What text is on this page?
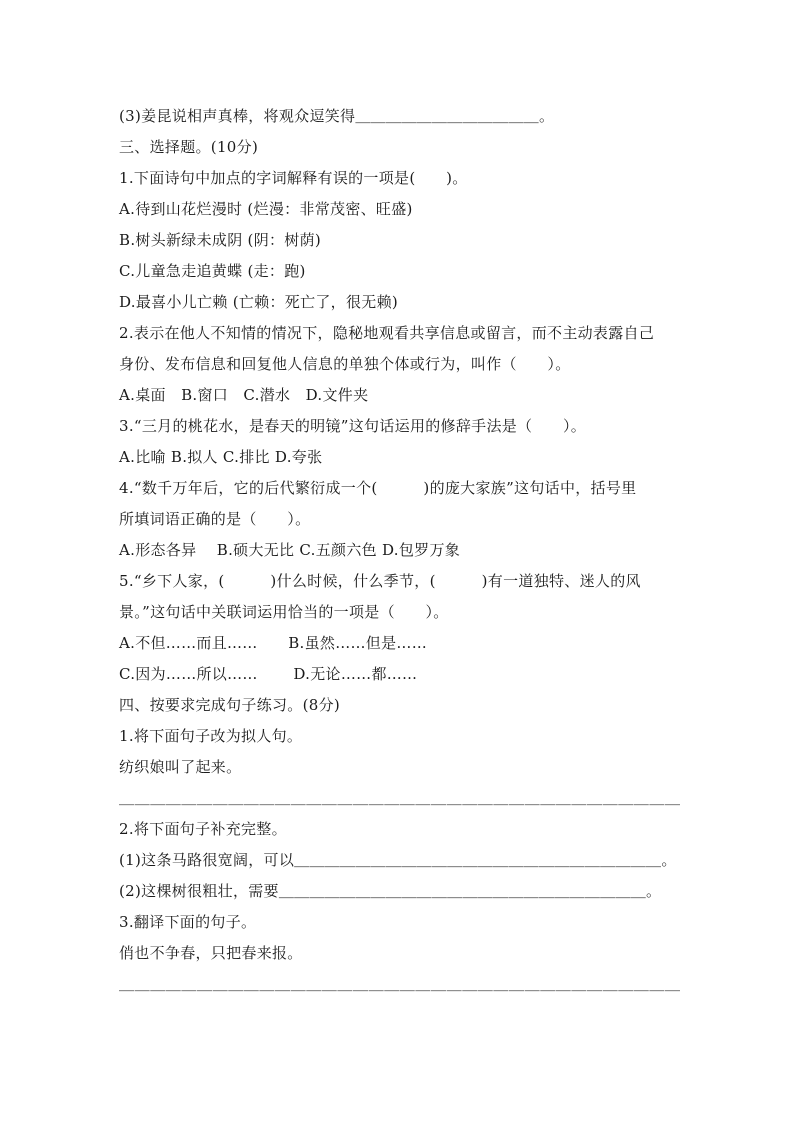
(3)姜昆说相声真棒，将观众逗笑得＿＿＿＿＿＿＿＿＿＿＿＿。
三、选择题。(10分)
1.下面诗句中加点的字词解释有误的一项是(　　)。
A.待到山花烂漫时 (烂漫：非常茂密、旺盛)
B.树头新绿未成阴 (阴：树荫)
C.儿童急走追黄蝶 (走：跑)
D.最喜小儿亡赖 (亡赖：死亡了，很无赖)
2.表示在他人不知情的情况下，隐秘地观看共享信息或留言，而不主动表露自己
身份、发布信息和回复他人信息的单独个体或行为，叫作（　　）。
A.桌面　B.窗口　C.潜水　D.文件夹
3.“三月的桃花水，是春天的明镜”这句话运用的修辞手法是（　　）。
A.比喻 B.拟人 C.排比 D.夸张
4.“数千万年后，它的后代繁衍成一个(　　　)的庞大家族”这句话中，括号里
所填词语正确的是（　　）。
A.形态各异　 B.硕大无比 C.五颜六色 D.包罗万象
5.“乡下人家，(　　　)什么时候，什么季节，(　　　)有一道独特、迷人的风
景。”这句话中关联词运用恰当的一项是（　　）。
A.不但……而且……　　B.虽然……但是……
C.因为……所以……　　 D.无论……都……
四、按要求完成句子练习。(8分)
1.将下面句子改为拟人句。
纺织娘叫了起来。
＿＿＿＿＿＿＿＿＿＿＿＿＿＿＿＿＿＿＿＿＿＿＿＿＿＿＿＿＿＿＿＿＿＿＿＿
2.将下面句子补充完整。
(1)这条马路很宽阔，可以＿＿＿＿＿＿＿＿＿＿＿＿＿＿＿＿＿＿＿＿＿＿＿＿。
(2)这棵树很粗壮，需要＿＿＿＿＿＿＿＿＿＿＿＿＿＿＿＿＿＿＿＿＿＿＿＿。
3.翻译下面的句子。
俏也不争春，只把春来报。
＿＿＿＿＿＿＿＿＿＿＿＿＿＿＿＿＿＿＿＿＿＿＿＿＿＿＿＿＿＿＿＿＿＿＿＿
